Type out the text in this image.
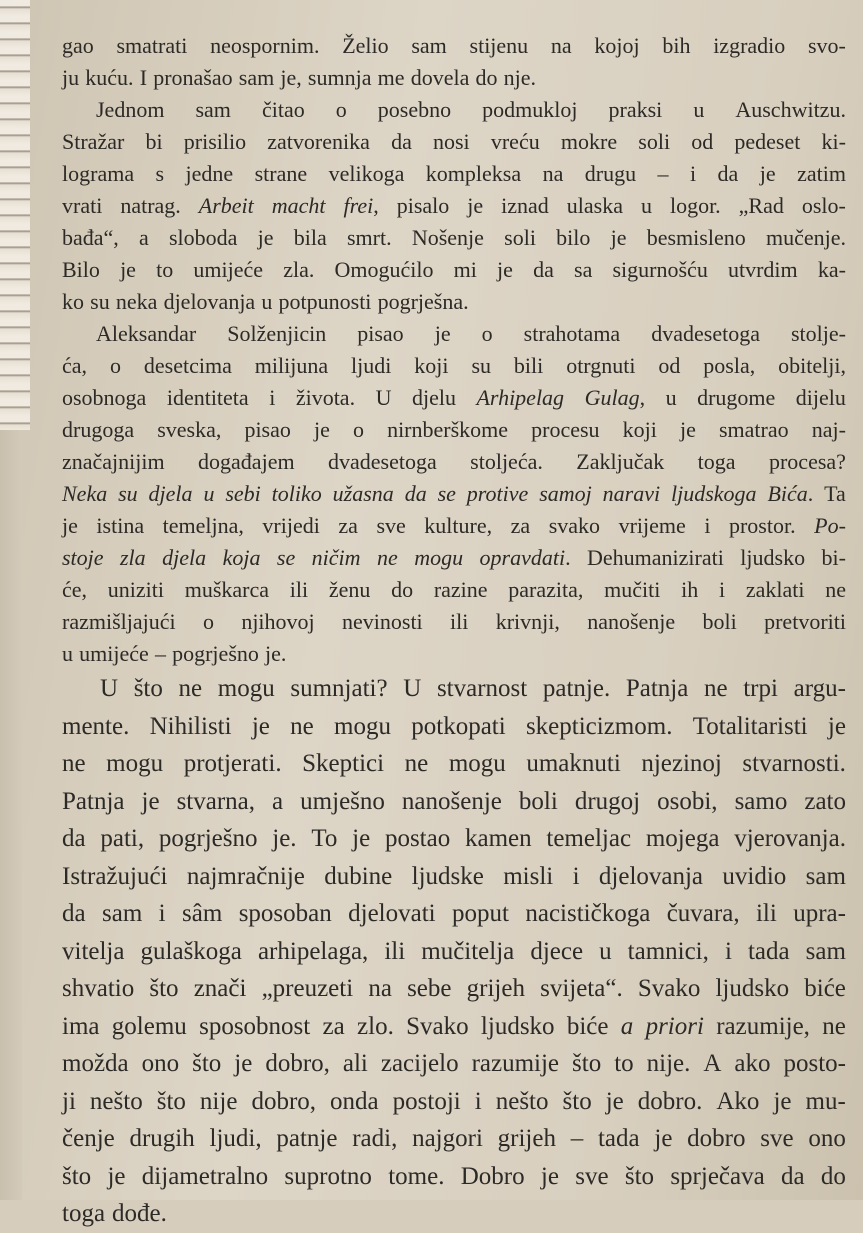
gao smatrati neospornim. Želio sam stijenu na kojoj bih izgradio svo-
ju kuću. I pronašao sam je, sumnja me dovela do nje.
Jednom sam čitao o posebno podmukloj praksi u Auschwitzu.
Stražar bi prisilio zatvorenika da nosi vreću mokre soli od pedeset ki-
lograma s jedne strane velikoga kompleksa na drugu – i da je zatim
vrati natrag. Arbeit macht frei, pisalo je iznad ulaska u logor. „Rad oslo-
bađa“, a sloboda je bila smrt. Nošenje soli bilo je besmisleno mučenje.
Bilo je to umijeće zla. Omogućilo mi je da sa sigurnošću utvrdim ka-
ko su neka djelovanja u potpunosti pogrješna.
Aleksandar Solženjicin pisao je o strahotama dvadesetoga stolje-
ća, o desetcima milijuna ljudi koji su bili otrgnuti od posla, obitelji,
osobnoga identiteta i života. U djelu Arhipelag Gulag, u drugome dijelu
drugoga sveska, pisao je o nirnberškome procesu koji je smatrao naj-
značajnijim događajem dvadesetoga stoljeća. Zaključak toga procesa?
Neka su djela u sebi toliko užasna da se protive samoj naravi ljudskoga Bića. Ta
je istina temeljna, vrijedi za sve kulture, za svako vrijeme i prostor. Po-
stoje zla djela koja se ničim ne mogu opravdati. Dehumanizirati ljudsko bi-
će, uniziti muškarca ili ženu do razine parazita, mučiti ih i zaklati ne
razmišljajući o njihovoj nevinosti ili krivnji, nanošenje boli pretvoriti
u umijeće – pogrješno je.
U što ne mogu sumnjati? U stvarnost patnje. Patnja ne trpi argu-
mente. Nihilisti je ne mogu potkopati skepticizmom. Totalitaristi je
ne mogu protjerati. Skeptici ne mogu umaknuti njezinoj stvarnosti.
Patnja je stvarna, a umješno nanošenje boli drugoj osobi, samo zato
da pati, pogrješno je. To je postao kamen temeljac mojega vjerovanja.
Istražujući najmračnije dubine ljudske misli i djelovanja uvidio sam
da sam i sâm sposoban djelovati poput nacističkoga čuvara, ili upra-
vitelja gulaškoga arhipelaga, ili mučitelja djece u tamnici, i tada sam
shvatio što znači „preuzeti na sebe grijeh svijeta“. Svako ljudsko biće
ima golemu sposobnost za zlo. Svako ljudsko biće a priori razumije, ne
možda ono što je dobro, ali zacijelo razumije što to nije. A ako posto-
ji nešto što nije dobro, onda postoji i nešto što je dobro. Ako je mu-
čenje drugih ljudi, patnje radi, najgori grijeh – tada je dobro sve ono
što je dijametralno suprotno tome. Dobro je sve što sprječava da do
toga dođe.
